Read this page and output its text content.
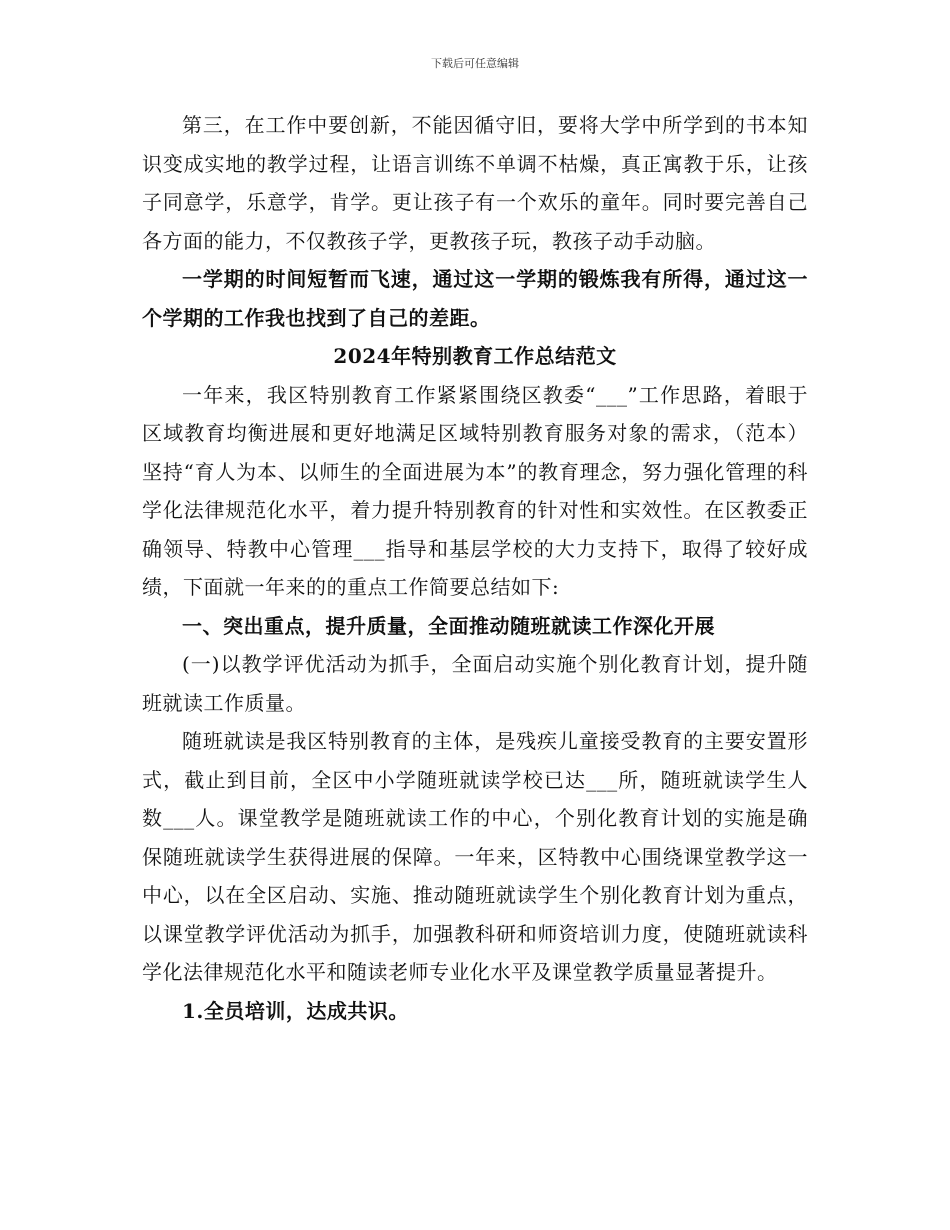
下载后可任意编辑

第三，在工作中要创新，不能因循守旧，要将大学中所学到的书本知识变成实地的教学过程，让语言训练不单调不枯燥，真正寓教于乐，让孩子同意学，乐意学，肯学。更让孩子有一个欢乐的童年。同时要完善自己各方面的能力，不仅教孩子学，更教孩子玩，教孩子动手动脑。

一学期的时间短暂而飞速，通过这一学期的锻炼我有所得，通过这一个学期的工作我也找到了自己的差距。

2024年特别教育工作总结范文

一年来，我区特别教育工作紧紧围绕区教委“___”工作思路，着眼于区域教育均衡进展和更好地满足区域特别教育服务对象的需求，（范本）坚持“育人为本、以师生的全面进展为本”的教育理念，努力强化管理的科学化法律规范化水平，着力提升特别教育的针对性和实效性。在区教委正确领导、特教中心管理___指导和基层学校的大力支持下，取得了较好成绩，下面就一年来的的重点工作简要总结如下:

一、突出重点，提升质量，全面推动随班就读工作深化开展

(一)以教学评优活动为抓手，全面启动实施个别化教育计划，提升随班就读工作质量。

随班就读是我区特别教育的主体，是残疾儿童接受教育的主要安置形式，截止到目前，全区中小学随班就读学校已达___所，随班就读学生人数___人。课堂教学是随班就读工作的中心，个别化教育计划的实施是确保随班就读学生获得进展的保障。一年来，区特教中心围绕课堂教学这一中心，以在全区启动、实施、推动随班就读学生个别化教育计划为重点，以课堂教学评优活动为抓手，加强教科研和师资培训力度，使随班就读科学化法律规范化水平和随读老师专业化水平及课堂教学质量显著提升。

1.全员培训，达成共识。
